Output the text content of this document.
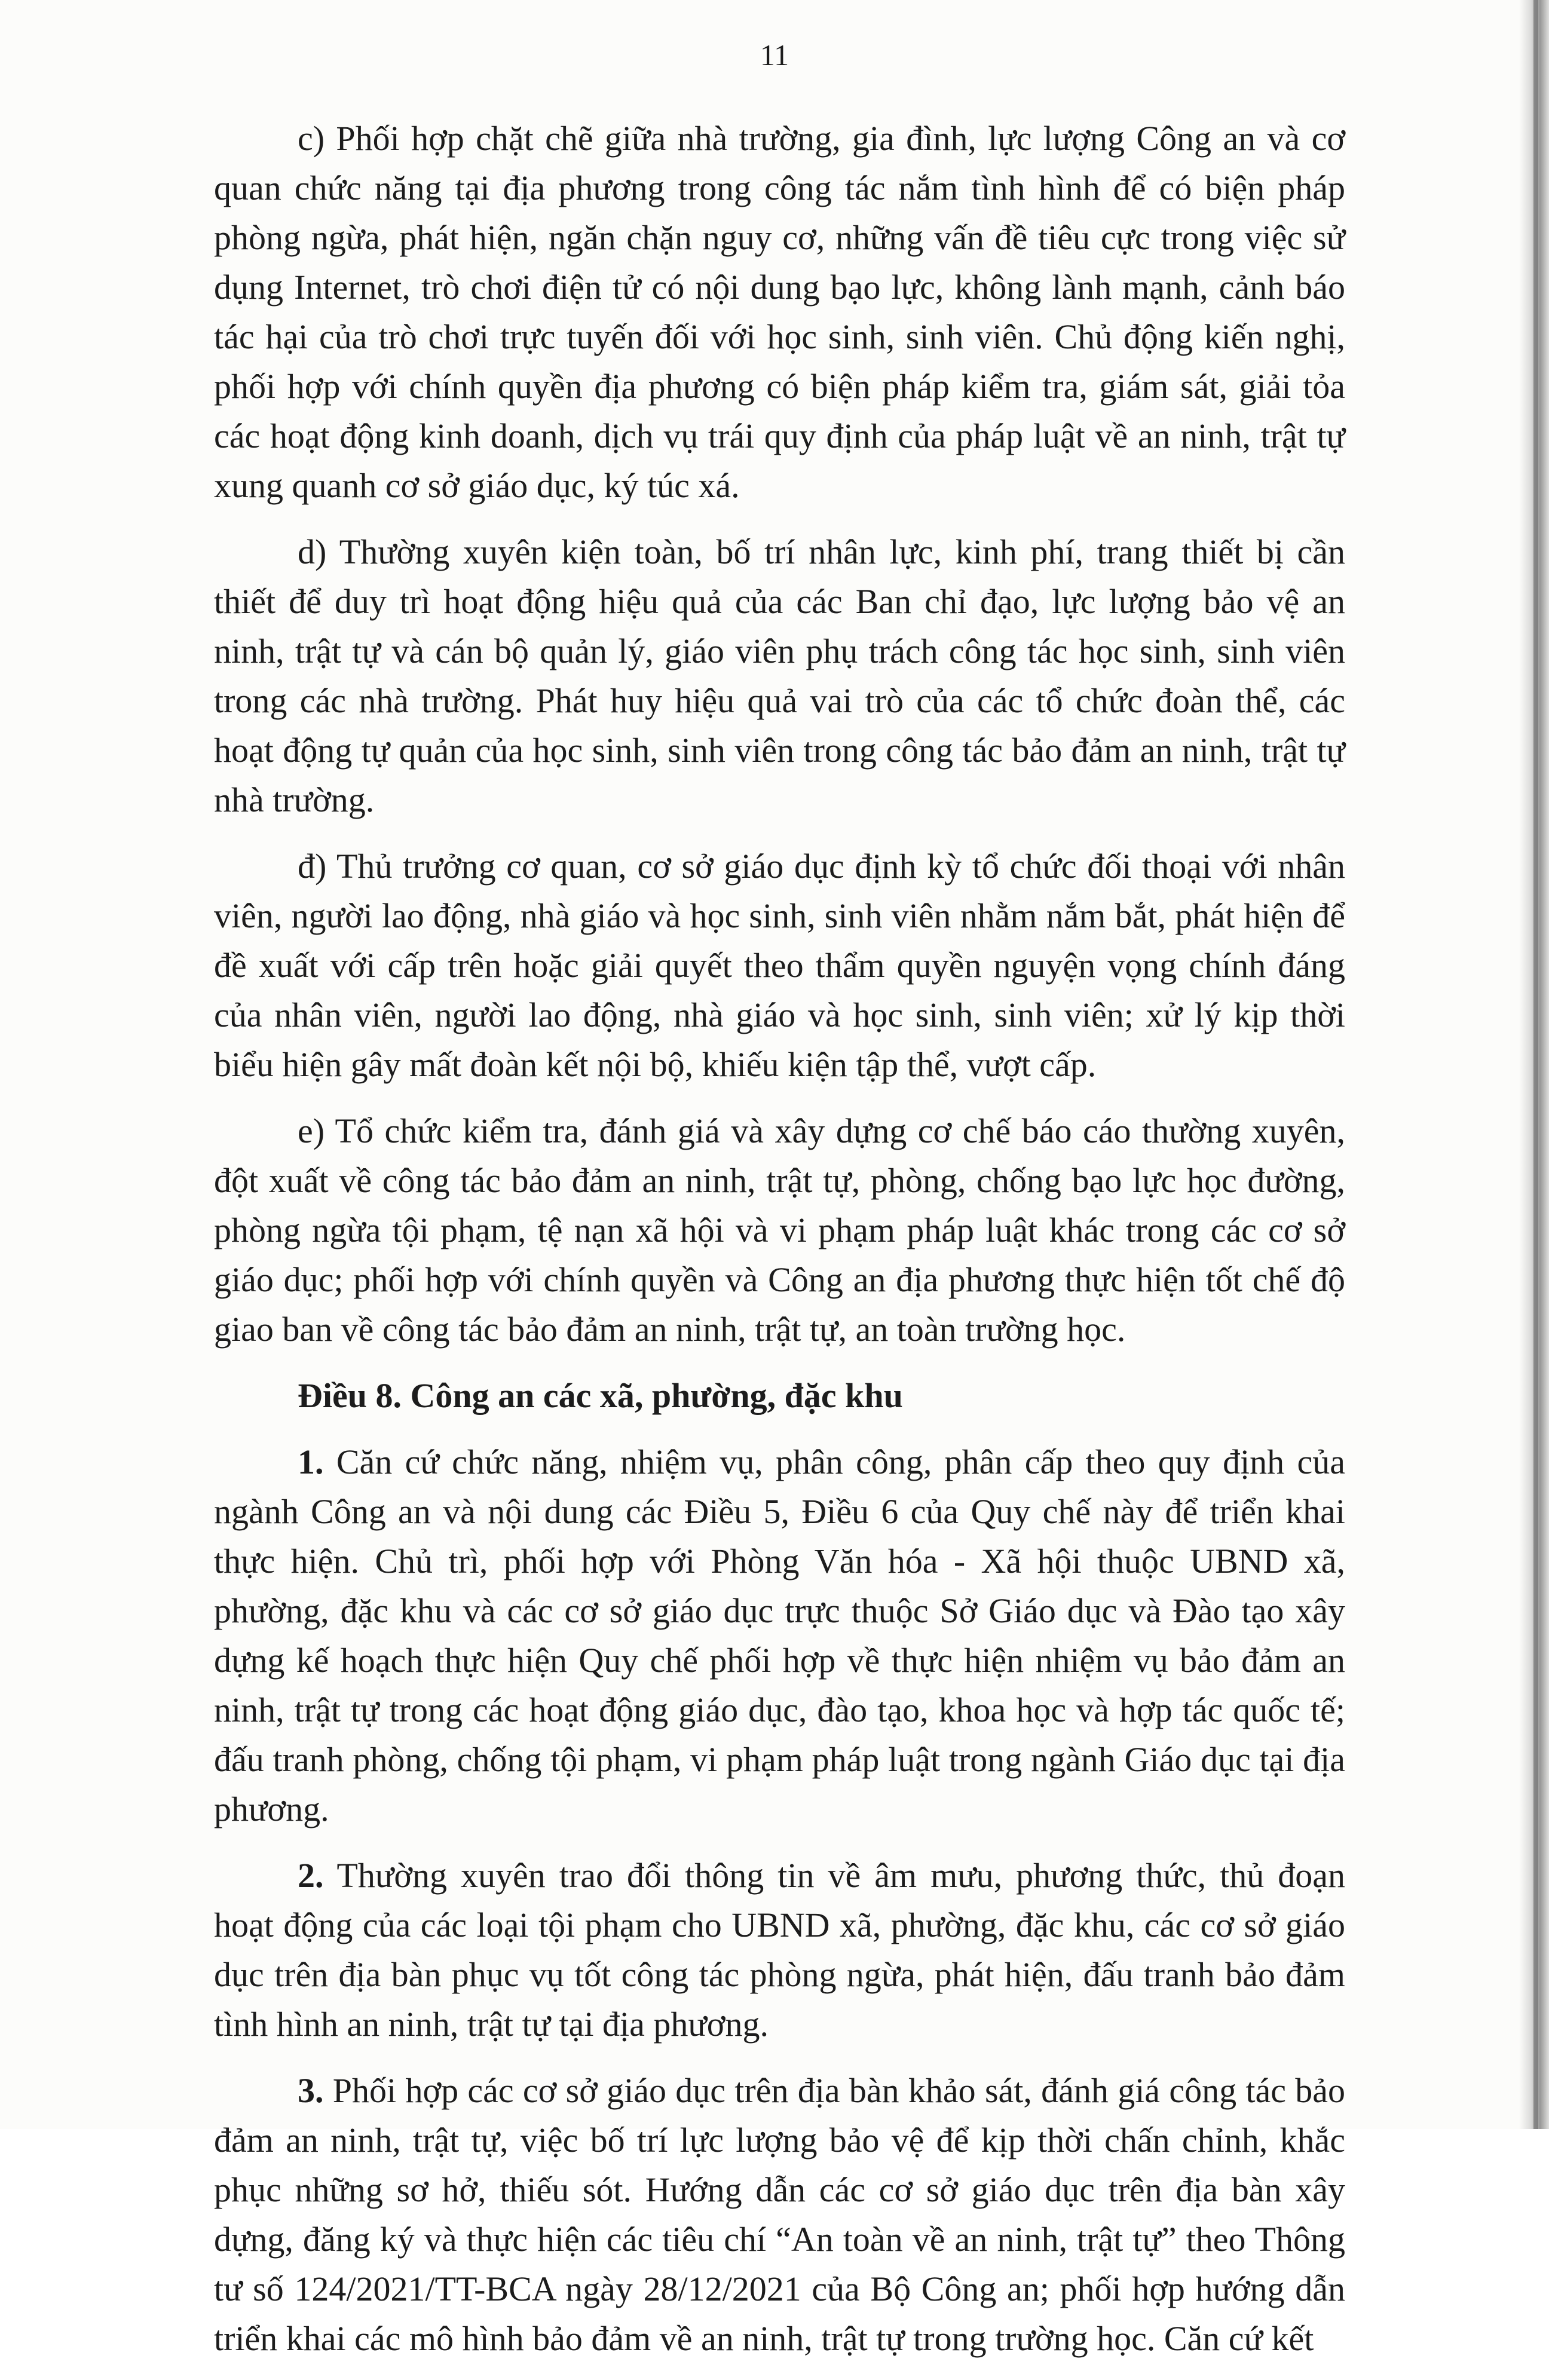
11

c) Phối hợp chặt chẽ giữa nhà trường, gia đình, lực lượng Công an và cơ quan chức năng tại địa phương trong công tác nắm tình hình để có biện pháp phòng ngừa, phát hiện, ngăn chặn nguy cơ, những vấn đề tiêu cực trong việc sử dụng Internet, trò chơi điện tử có nội dung bạo lực, không lành mạnh, cảnh báo tác hại của trò chơi trực tuyến đối với học sinh, sinh viên. Chủ động kiến nghị, phối hợp với chính quyền địa phương có biện pháp kiểm tra, giám sát, giải tỏa các hoạt động kinh doanh, dịch vụ trái quy định của pháp luật về an ninh, trật tự xung quanh cơ sở giáo dục, ký túc xá.

d) Thường xuyên kiện toàn, bố trí nhân lực, kinh phí, trang thiết bị cần thiết để duy trì hoạt động hiệu quả của các Ban chỉ đạo, lực lượng bảo vệ an ninh, trật tự và cán bộ quản lý, giáo viên phụ trách công tác học sinh, sinh viên trong các nhà trường. Phát huy hiệu quả vai trò của các tổ chức đoàn thể, các hoạt động tự quản của học sinh, sinh viên trong công tác bảo đảm an ninh, trật tự nhà trường.

đ) Thủ trưởng cơ quan, cơ sở giáo dục định kỳ tổ chức đối thoại với nhân viên, người lao động, nhà giáo và học sinh, sinh viên nhằm nắm bắt, phát hiện để đề xuất với cấp trên hoặc giải quyết theo thẩm quyền nguyện vọng chính đáng của nhân viên, người lao động, nhà giáo và học sinh, sinh viên; xử lý kịp thời biểu hiện gây mất đoàn kết nội bộ, khiếu kiện tập thể, vượt cấp.

e) Tổ chức kiểm tra, đánh giá và xây dựng cơ chế báo cáo thường xuyên, đột xuất về công tác bảo đảm an ninh, trật tự, phòng, chống bạo lực học đường, phòng ngừa tội phạm, tệ nạn xã hội và vi phạm pháp luật khác trong các cơ sở giáo dục; phối hợp với chính quyền và Công an địa phương thực hiện tốt chế độ giao ban về công tác bảo đảm an ninh, trật tự, an toàn trường học.

Điều 8. Công an các xã, phường, đặc khu

1. Căn cứ chức năng, nhiệm vụ, phân công, phân cấp theo quy định của ngành Công an và nội dung các Điều 5, Điều 6 của Quy chế này để triển khai thực hiện. Chủ trì, phối hợp với Phòng Văn hóa - Xã hội thuộc UBND xã, phường, đặc khu và các cơ sở giáo dục trực thuộc Sở Giáo dục và Đào tạo xây dựng kế hoạch thực hiện Quy chế phối hợp về thực hiện nhiệm vụ bảo đảm an ninh, trật tự trong các hoạt động giáo dục, đào tạo, khoa học và hợp tác quốc tế; đấu tranh phòng, chống tội phạm, vi phạm pháp luật trong ngành Giáo dục tại địa phương.

2. Thường xuyên trao đổi thông tin về âm mưu, phương thức, thủ đoạn hoạt động của các loại tội phạm cho UBND xã, phường, đặc khu, các cơ sở giáo dục trên địa bàn phục vụ tốt công tác phòng ngừa, phát hiện, đấu tranh bảo đảm tình hình an ninh, trật tự tại địa phương.

3. Phối hợp các cơ sở giáo dục trên địa bàn khảo sát, đánh giá công tác bảo đảm an ninh, trật tự, việc bố trí lực lượng bảo vệ để kịp thời chấn chỉnh, khắc phục những sơ hở, thiếu sót. Hướng dẫn các cơ sở giáo dục trên địa bàn xây dựng, đăng ký và thực hiện các tiêu chí “An toàn về an ninh, trật tự” theo Thông tư số 124/2021/TT-BCA ngày 28/12/2021 của Bộ Công an; phối hợp hướng dẫn triển khai các mô hình bảo đảm về an ninh, trật tự trong trường học. Căn cứ kết
